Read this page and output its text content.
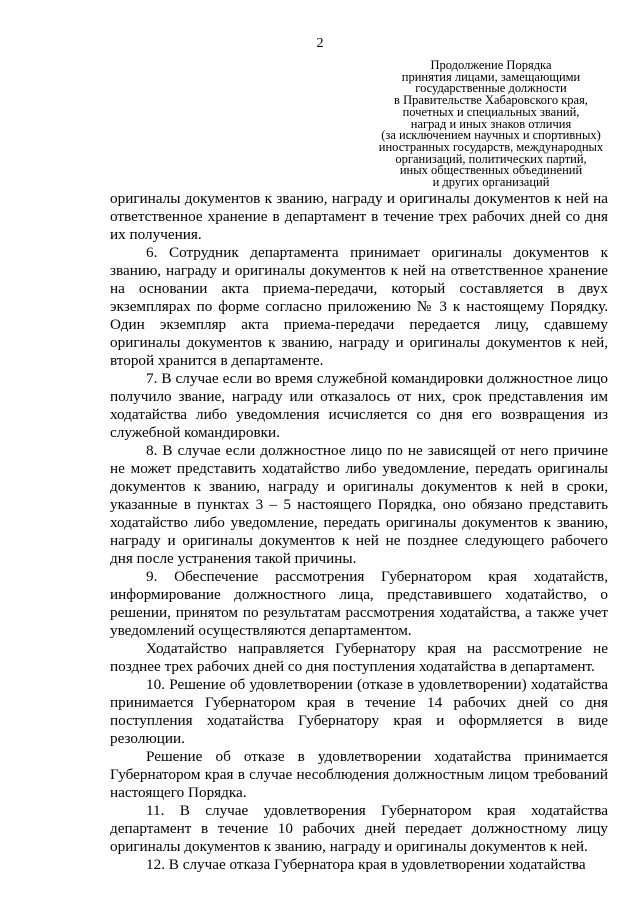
2
Продолжение Порядка
принятия лицами, замещающими
государственные должности
в Правительстве Хабаровского края,
почетных и специальных званий,
наград и иных знаков отличия
(за исключением научных и спортивных)
иностранных государств, международных
организаций, политических партий,
иных общественных объединений
и других организаций

оригиналы документов к званию, награду и оригиналы документов к ней на ответственное хранение в департамент в течение трех рабочих дней со дня их получения.

6. Сотрудник департамента принимает оригиналы документов к званию, награду и оригиналы документов к ней на ответственное хранение на основании акта приема-передачи, который составляется в двух экземплярах по форме согласно приложению № 3 к настоящему Порядку. Один экземпляр акта приема-передачи передается лицу, сдавшему оригиналы документов к званию, награду и оригиналы документов к ней, второй хранится в департаменте.

7. В случае если во время служебной командировки должностное лицо получило звание, награду или отказалось от них, срок представления им ходатайства либо уведомления исчисляется со дня его возвращения из служебной командировки.

8. В случае если должностное лицо по не зависящей от него причине не может представить ходатайство либо уведомление, передать оригиналы документов к званию, награду и оригиналы документов к ней в сроки, указанные в пунктах 3 – 5 настоящего Порядка, оно обязано представить ходатайство либо уведомление, передать оригиналы документов к званию, награду и оригиналы документов к ней не позднее следующего рабочего дня после устранения такой причины.

9. Обеспечение рассмотрения Губернатором края ходатайств, информирование должностного лица, представившего ходатайство, о решении, принятом по результатам рассмотрения ходатайства, а также учет уведомлений осуществляются департаментом.

Ходатайство направляется Губернатору края на рассмотрение не позднее трех рабочих дней со дня поступления ходатайства в департамент.

10. Решение об удовлетворении (отказе в удовлетворении) ходатайства принимается Губернатором края в течение 14 рабочих дней со дня поступления ходатайства Губернатору края и оформляется в виде резолюции.

Решение об отказе в удовлетворении ходатайства принимается Губернатором края в случае несоблюдения должностным лицом требований настоящего Порядка.

11. В случае удовлетворения Губернатором края ходатайства департамент в течение 10 рабочих дней передает должностному лицу оригиналы документов к званию, награду и оригиналы документов к ней.

12. В случае отказа Губернатора края в удовлетворении ходатайства
